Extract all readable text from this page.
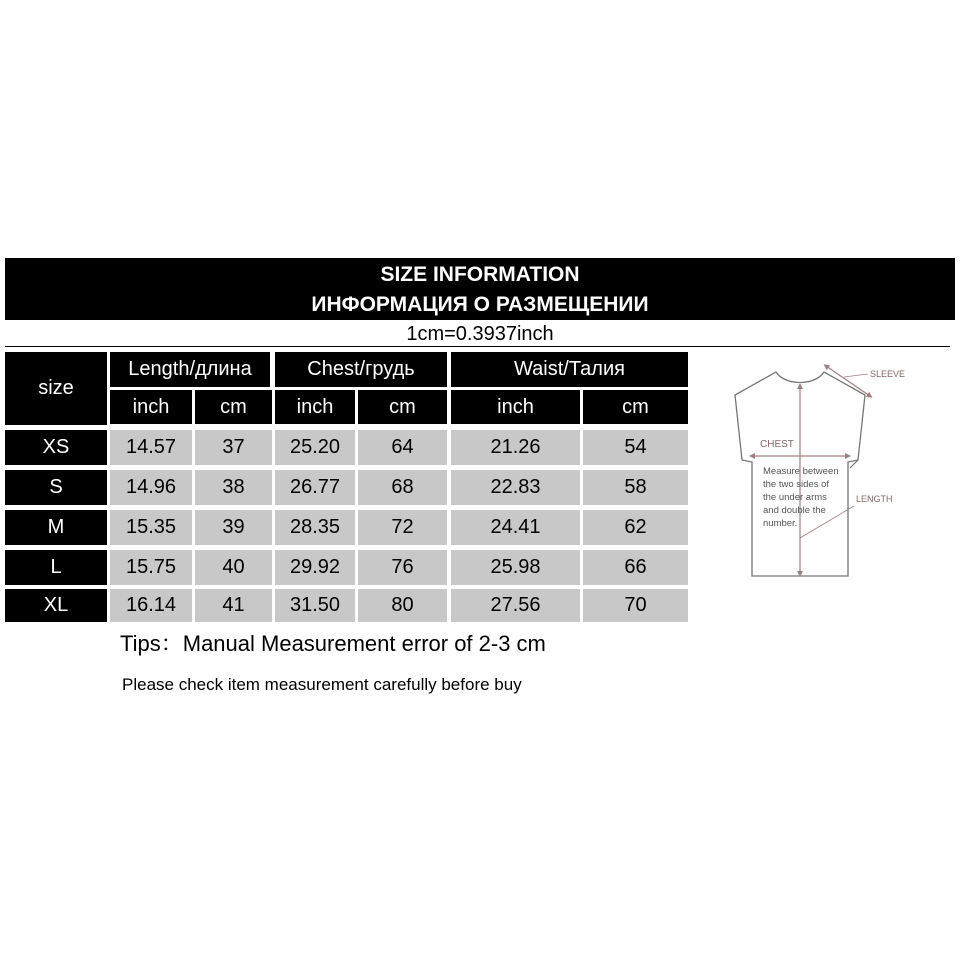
SIZE INFORMATION
ИНФОРМАЦИЯ О РАЗМЕЩЕНИИ
1cm=0.3937inch
size
Length/длина	Chest/грудь	Waist/Талия
inch	cm	inch	cm	inch	cm
XS	14.57	37	25.20	64	21.26	54
S	14.96	38	26.77	68	22.83	58
M	15.35	39	28.35	72	24.41	62
L	15.75	40	29.92	76	25.98	66
XL	16.14	41	31.50	80	27.56	70
Tips：Manual Measurement error of 2-3 cm
Please check item measurement carefully before buy
SLEEVE
CHEST
LENGTH
Measure between the two sides of the under arms and double the number.
